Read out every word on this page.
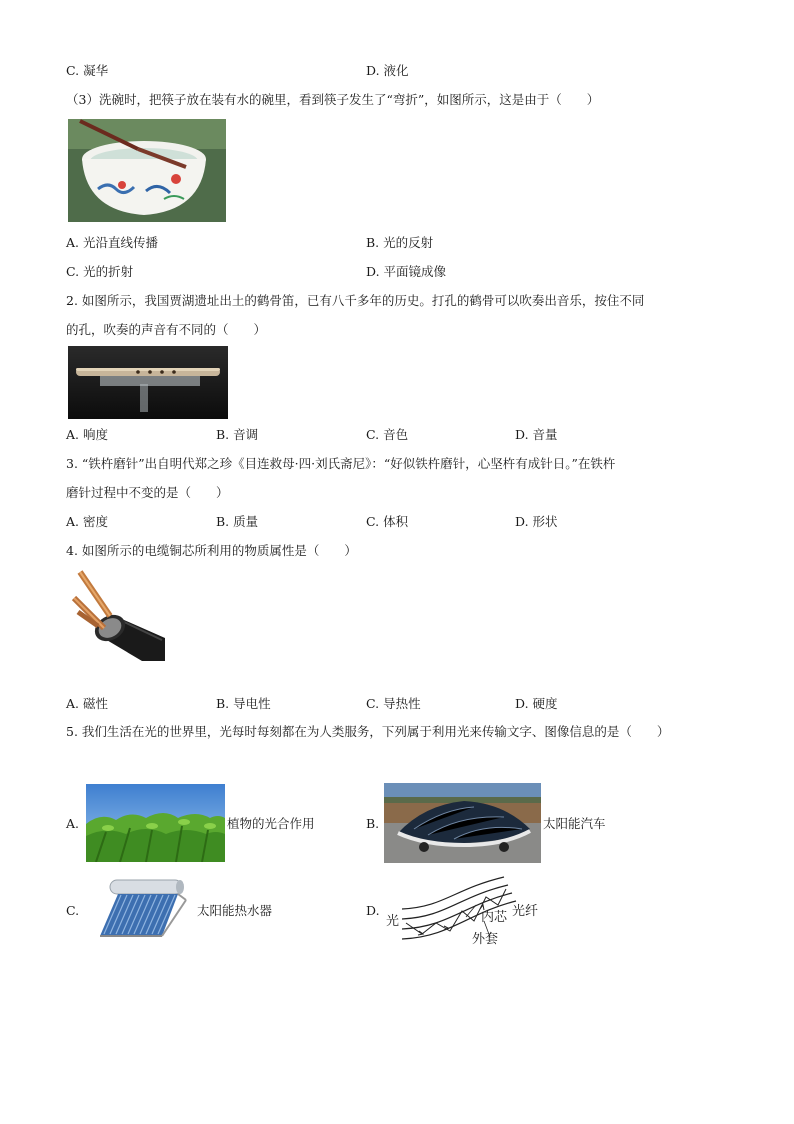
C. 凝华	D. 液化
（3）洗碗时，把筷子放在装有水的碗里，看到筷子发生了“弯折”，如图所示，这是由于（　　）
A. 光沿直线传播	B. 光的反射
C. 光的折射	D. 平面镜成像
2. 如图所示，我国贾湖遗址出土的鹤骨笛，已有八千多年的历史。打孔的鹤骨可以吹奏出音乐，按住不同
的孔，吹奏的声音有不同的（　　）
A. 响度	B. 音调	C. 音色	D. 音量
3. “铁杵磨针”出自明代郑之珍《目连救母·四·刘氏斋尼》：“好似铁杵磨针，心坚杵有成针日。”在铁杵
磨针过程中不变的是（　　）
A. 密度	B. 质量	C. 体积	D. 形状
4. 如图所示的电缆铜芯所利用的物质属性是（　　）
A. 磁性	B. 导电性	C. 导热性	D. 硬度
5. 我们生活在光的世界里，光每时每刻都在为人类服务，下列属于利用光来传输文字、图像信息的是（　　）
A.	植物的光合作用	B.	太阳能汽车
C.	太阳能热水器	D.
光	内芯 光纤
外套
